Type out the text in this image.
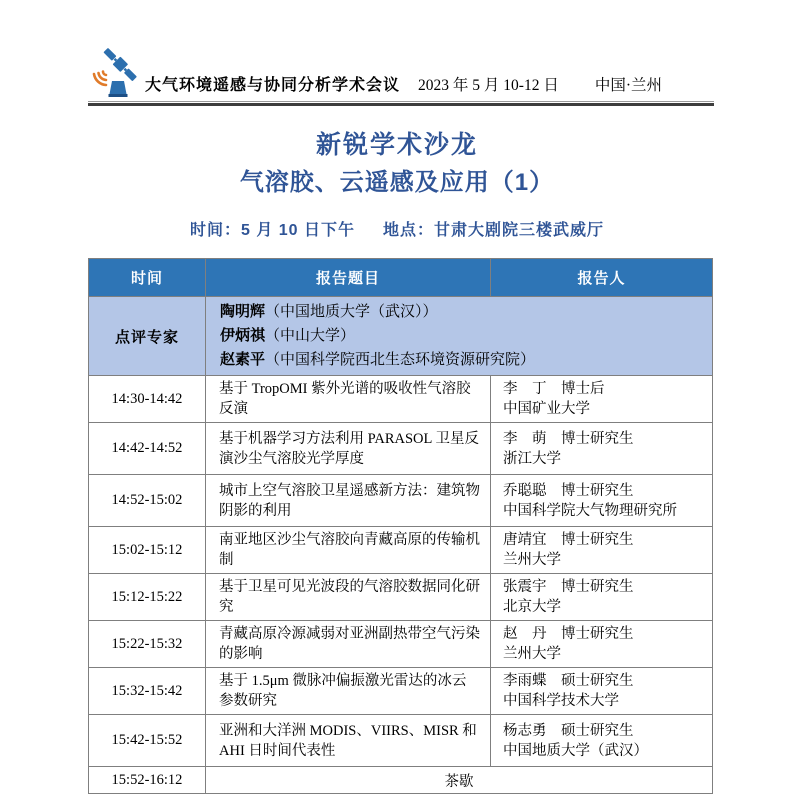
大气环境遥感与协同分析学术会议 2023 年 5 月 10-12 日 中国·兰州
新锐学术沙龙
气溶胶、云遥感及应用（1）
时间：5 月 10 日下午 地点：甘肃大剧院三楼武威厅
时间	报告题目	报告人
点评专家	陶明辉（中国地质大学（武汉））
伊炳祺（中山大学）
赵素平（中国科学院西北生态环境资源研究院）	

14:30-14:42	基于 TropOMI 紫外光谱的吸收性气溶胶反演	李　丁　博士后
中国矿业大学

14:42-14:52	基于机器学习方法利用 PARASOL 卫星反演沙尘气溶胶光学厚度	李　萌　博士研究生
浙江大学

14:52-15:02	城市上空气溶胶卫星遥感新方法：建筑物阴影的利用	乔聪聪　博士研究生
中国科学院大气物理研究所

15:02-15:12	南亚地区沙尘气溶胶向青藏高原的传输机制	唐靖宜　博士研究生
兰州大学

15:12-15:22	基于卫星可见光波段的气溶胶数据同化研究	张震宇　博士研究生
北京大学

15:22-15:32	青藏高原冷源减弱对亚洲副热带空气污染的影响	赵　丹　博士研究生
兰州大学

15:32-15:42	基于 1.5μm 微脉冲偏振激光雷达的冰云参数研究	李雨蝶　硕士研究生
中国科学技术大学

15:42-15:52	亚洲和大洋洲 MODIS、VIIRS、MISR 和 AHI 日时间代表性	杨志勇　硕士研究生
中国地质大学（武汉）

15:52-16:12	茶歇	
